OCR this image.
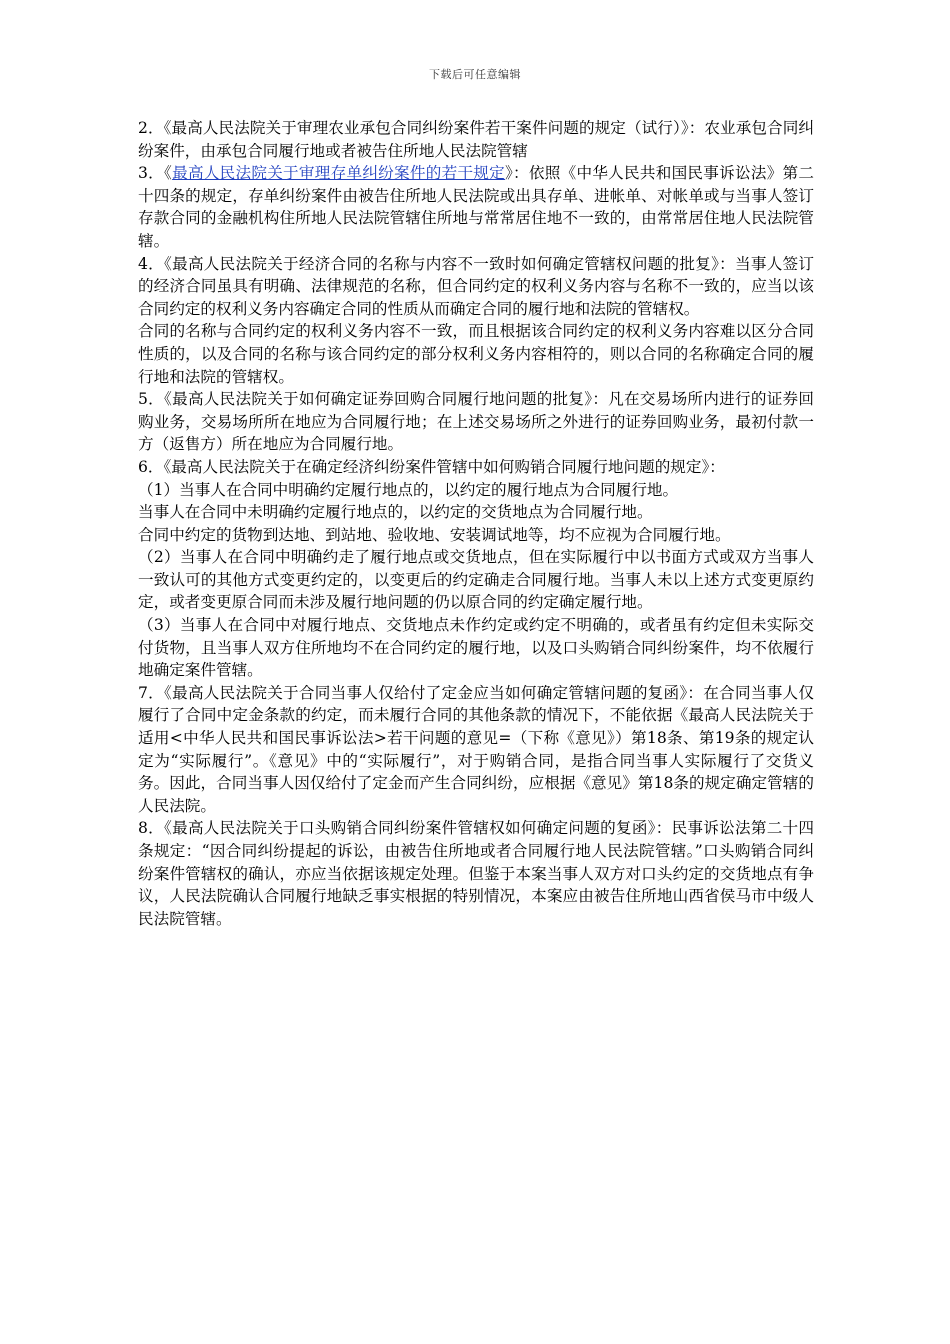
下载后可任意编辑

2．《最高人民法院关于审理农业承包合同纠纷案件若干案件问题的规定（试行）》：农业承包合同纠纷案件，由承包合同履行地或者被告住所地人民法院管辖

3．《最高人民法院关于审理存单纠纷案件的若干规定》：依照《中华人民共和国民事诉讼法》第二十四条的规定，存单纠纷案件由被告住所地人民法院或出具存单、进帐单、对帐单或与当事人签订存款合同的金融机构住所地人民法院管辖住所地与常常居住地不一致的，由常常居住地人民法院管辖。

4．《最高人民法院关于经济合同的名称与内容不一致时如何确定管辖权问题的批复》：当事人签订的经济合同虽具有明确、法律规范的名称，但合同约定的权利义务内容与名称不一致的，应当以该合同约定的权利义务内容确定合同的性质从而确定合同的履行地和法院的管辖权。

合同的名称与合同约定的权利义务内容不一致，而且根据该合同约定的权利义务内容难以区分合同性质的，以及合同的名称与该合同约定的部分权利义务内容相符的，则以合同的名称确定合同的履行地和法院的管辖权。

5．《最高人民法院关于如何确定证券回购合同履行地问题的批复》：凡在交易场所内进行的证券回购业务，交易场所所在地应为合同履行地；在上述交易场所之外进行的证券回购业务，最初付款一方（返售方）所在地应为合同履行地。

6．《最高人民法院关于在确定经济纠纷案件管辖中如何购销合同履行地问题的规定》：

（1）当事人在合同中明确约定履行地点的，以约定的履行地点为合同履行地。

当事人在合同中未明确约定履行地点的，以约定的交货地点为合同履行地。

合同中约定的货物到达地、到站地、验收地、安装调试地等，均不应视为合同履行地。

（2）当事人在合同中明确约走了履行地点或交货地点，但在实际履行中以书面方式或双方当事人一致认可的其他方式变更约定的，以变更后的约定确走合同履行地。当事人未以上述方式变更原约定，或者变更原合同而未涉及履行地问题的仍以原合同的约定确定履行地。

（3）当事人在合同中对履行地点、交货地点未作约定或约定不明确的，或者虽有约定但未实际交付货物，且当事人双方住所地均不在合同约定的履行地，以及口头购销合同纠纷案件，均不依履行地确定案件管辖。

7．《最高人民法院关于合同当事人仅给付了定金应当如何确定管辖问题的复函》：在合同当事人仅履行了合同中定金条款的约定，而未履行合同的其他条款的情况下，不能依据《最高人民法院关于适用<中华人民共和国民事诉讼法>若干问题的意见=（下称《意见》）第18条、第19条的规定认定为“实际履行”。《意见》中的“实际履行”，对于购销合同，是指合同当事人实际履行了交货义务。因此，合同当事人因仅给付了定金而产生合同纠纷，应根据《意见》第18条的规定确定管辖的人民法院。

8．《最高人民法院关于口头购销合同纠纷案件管辖权如何确定问题的复函》：民事诉讼法第二十四条规定：“因合同纠纷提起的诉讼，由被告住所地或者合同履行地人民法院管辖。”口头购销合同纠纷案件管辖权的确认，亦应当依据该规定处理。但鉴于本案当事人双方对口头约定的交货地点有争议，人民法院确认合同履行地缺乏事实根据的特别情况，本案应由被告住所地山西省侯马市中级人民法院管辖。
